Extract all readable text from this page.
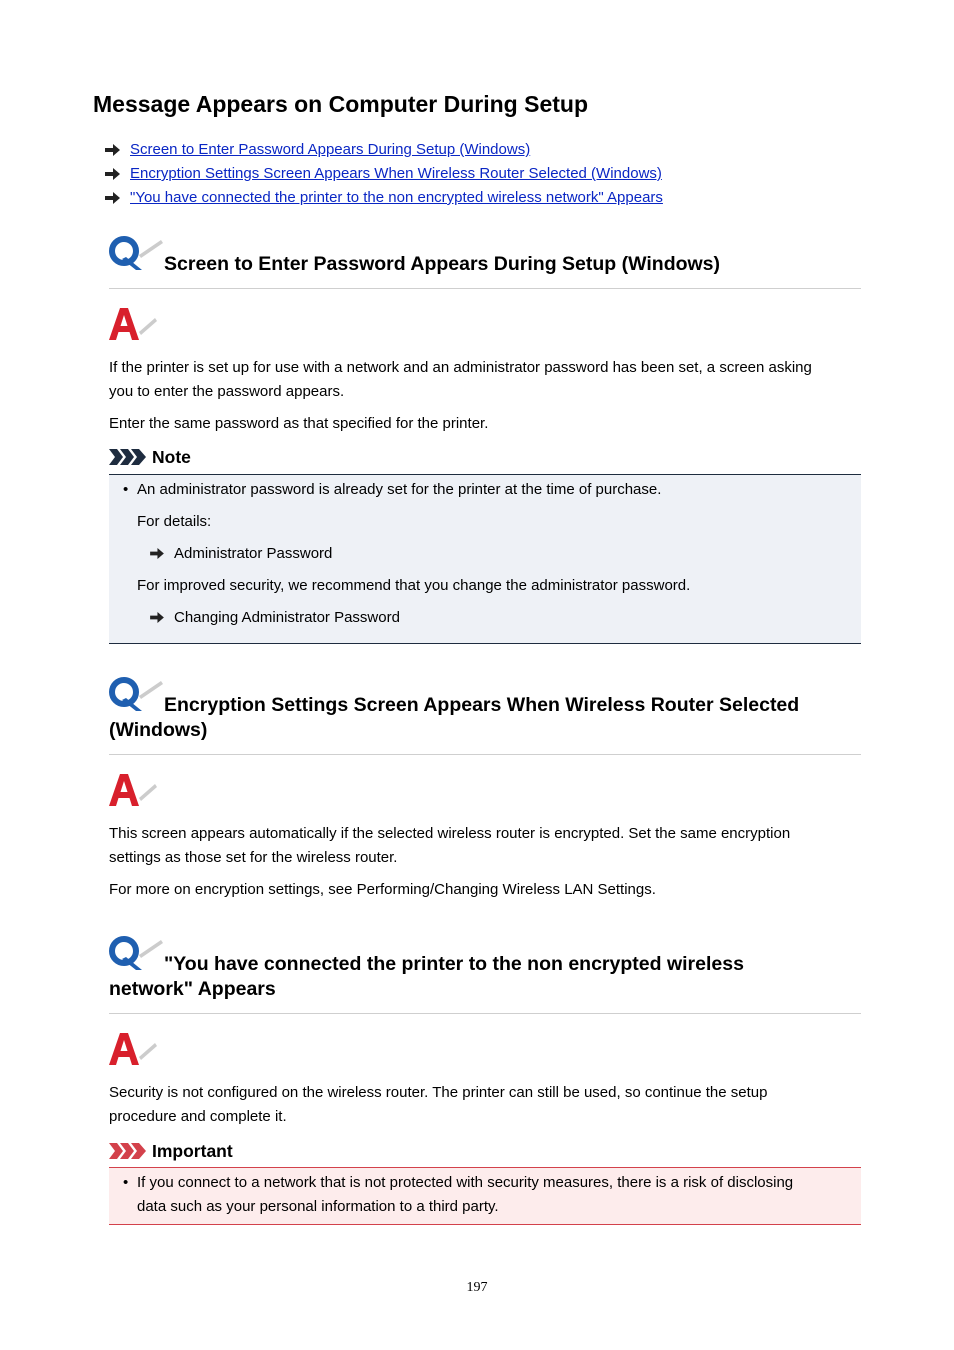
Message Appears on Computer During Setup
Screen to Enter Password Appears During Setup (Windows)
Encryption Settings Screen Appears When Wireless Router Selected (Windows)
"You have connected the printer to the non encrypted wireless network" Appears
Screen to Enter Password Appears During Setup (Windows)

If the printer is set up for use with a network and an administrator password has been set, a screen asking
you to enter the password appears.

Enter the same password as that specified for the printer.

Note
• An administrator password is already set for the printer at the time of purchase.
For details:
Administrator Password
For improved security, we recommend that you change the administrator password.
Changing Administrator Password
Encryption Settings Screen Appears When Wireless Router Selected
(Windows)

This screen appears automatically if the selected wireless router is encrypted. Set the same encryption
settings as those set for the wireless router.

For more on encryption settings, see Performing/Changing Wireless LAN Settings.

"You have connected the printer to the non encrypted wireless
network" Appears

Security is not configured on the wireless router. The printer can still be used, so continue the setup
procedure and complete it.

Important
• If you connect to a network that is not protected with security measures, there is a risk of disclosing
data such as your personal information to a third party.
197
